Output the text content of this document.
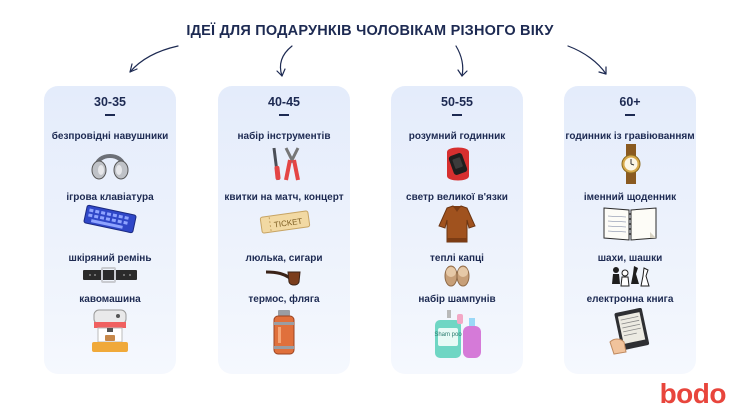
ІДЕЇ ДЛЯ ПОДАРУНКІВ ЧОЛОВІКАМ РІЗНОГО ВІКУ
30-35
безпровідні навушники
ігрова клавіатура
шкіряний ремінь
кавомашина
40-45
набір інструментів
квитки на матч, концерт
TICKET
люлька, сигари
термос, фляга
50-55
розумний годинник
светр великої в'язки
теплі капці
набір шампунів
Sham poo
60+
годинник із гравіюванням
іменний щоденник
шахи, шашки
електронна книга
bodo
